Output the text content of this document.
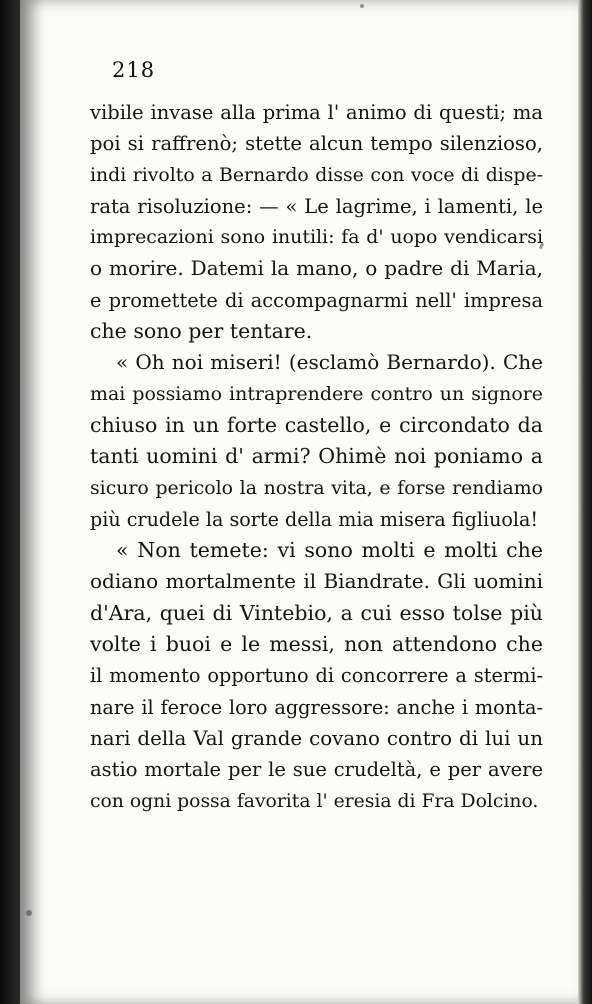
218
vibile invase alla prima l' animo di questi; ma
poi si raffrenò; stette alcun tempo silenzioso,
indi rivolto a Bernardo disse con voce di dispe-
rata risoluzione: — « Le lagrime, i lamenti, le
imprecazioni sono inutili: fa d' uopo vendicarsi
o morire. Datemi la mano, o padre di Maria,
e promettete di accompagnarmi nell' impresa
che sono per tentare.
« Oh noi miseri! (esclamò Bernardo). Che
mai possiamo intraprendere contro un signore
chiuso in un forte castello, e circondato da
tanti uomini d' armi? Ohimè noi poniamo a
sicuro pericolo la nostra vita, e forse rendiamo
più crudele la sorte della mia misera figliuola!
« Non temete: vi sono molti e molti che
odiano mortalmente il Biandrate. Gli uomini
d'Ara, quei di Vintebio, a cui esso tolse più
volte i buoi e le messi, non attendono che
il momento opportuno di concorrere a stermi-
nare il feroce loro aggressore: anche i monta-
nari della Val grande covano contro di lui un
astio mortale per le sue crudeltà, e per avere
con ogni possa favorita l' eresia di Fra Dolcino.
